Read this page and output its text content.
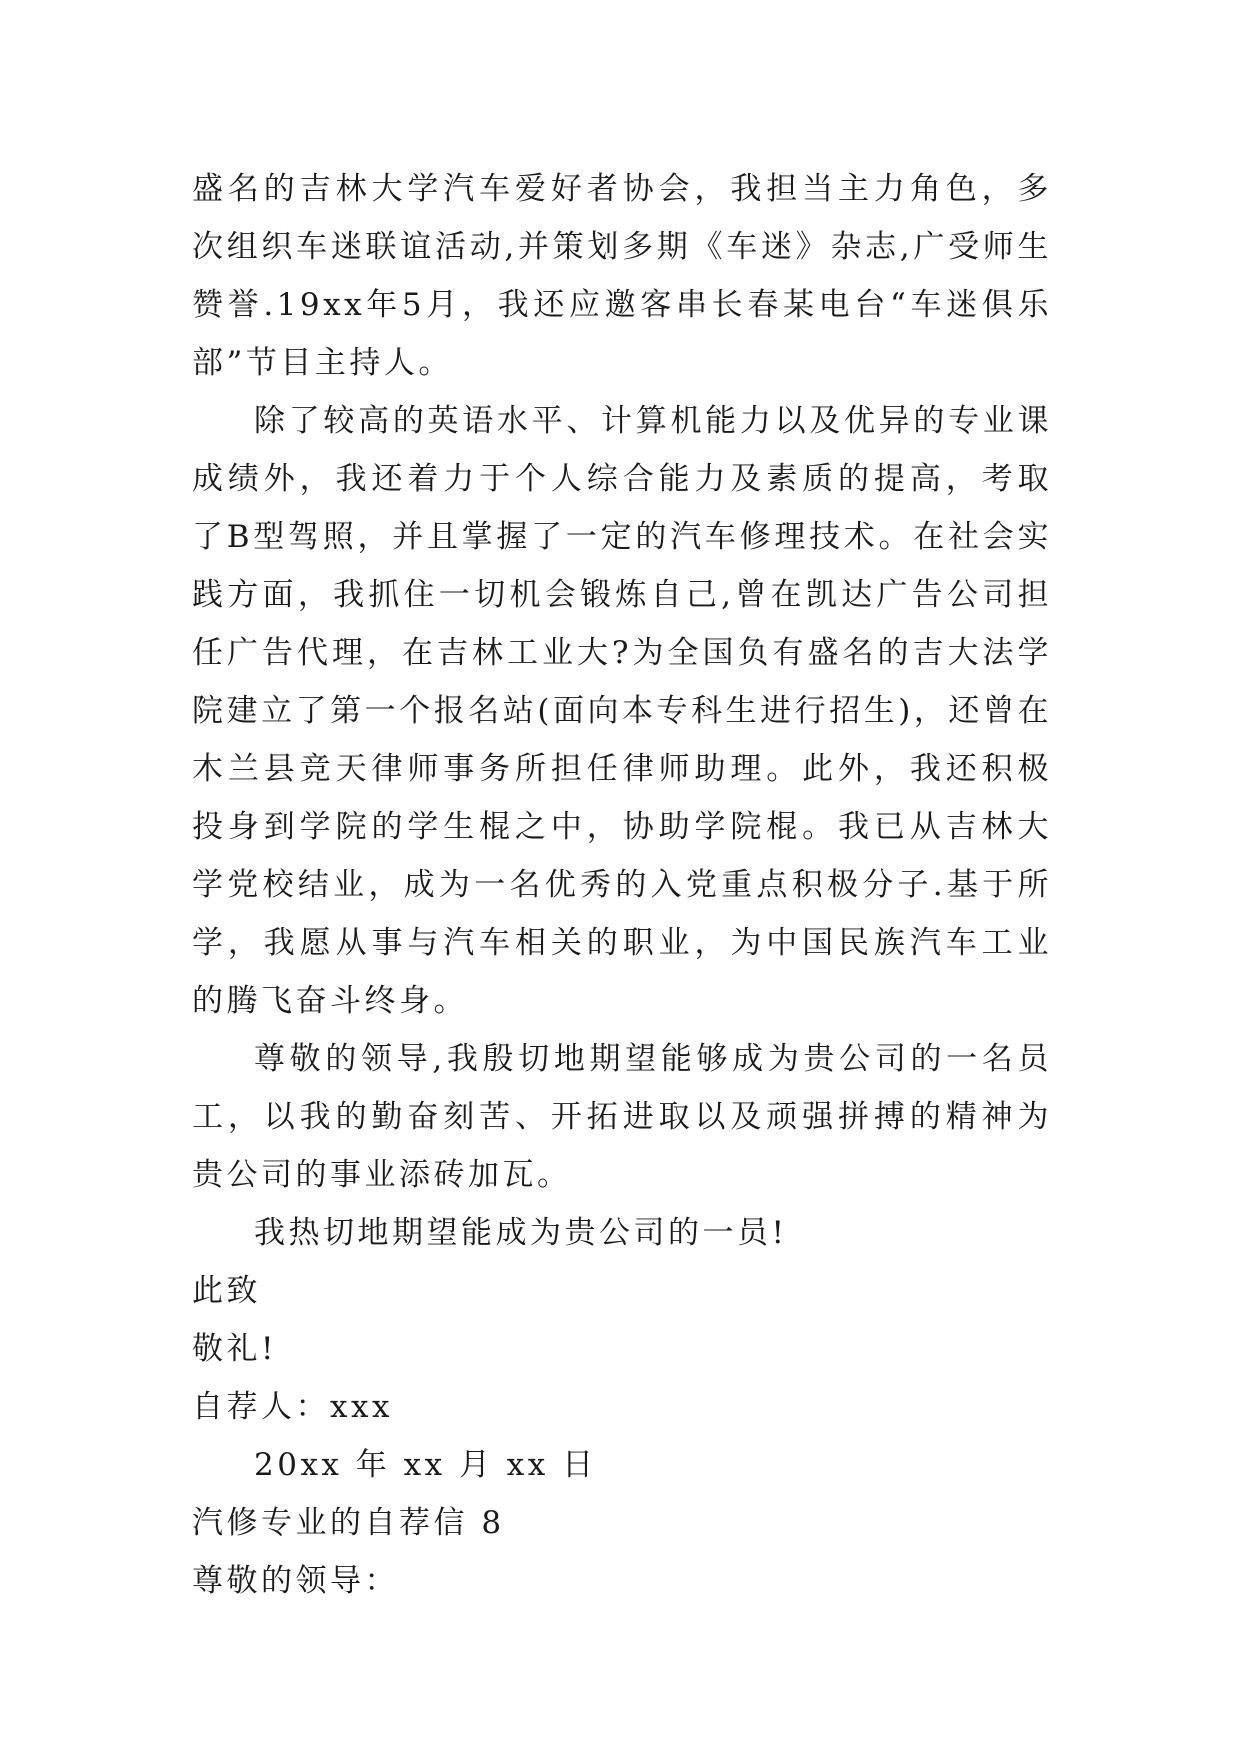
盛名的吉林大学汽车爱好者协会，我担当主力角色，多次组织车迷联谊活动,并策划多期《车迷》杂志,广受师生赞誉.19xx年5月，我还应邀客串长春某电台“车迷俱乐部”节目主持人。

除了较高的英语水平、计算机能力以及优异的专业课成绩外，我还着力于个人综合能力及素质的提高，考取了B型驾照，并且掌握了一定的汽车修理技术。在社会实践方面，我抓住一切机会锻炼自己,曾在凯达广告公司担任广告代理，在吉林工业大?为全国负有盛名的吉大法学院建立了第一个报名站(面向本专科生进行招生)，还曾在木兰县竞天律师事务所担任律师助理。此外，我还积极投身到学院的学生棍之中，协助学院棍。我已从吉林大学党校结业，成为一名优秀的入党重点积极分子.基于所学，我愿从事与汽车相关的职业，为中国民族汽车工业的腾飞奋斗终身。

尊敬的领导,我殷切地期望能够成为贵公司的一名员工，以我的勤奋刻苦、开拓进取以及顽强拼搏的精神为贵公司的事业添砖加瓦。

我热切地期望能成为贵公司的一员!

此致

敬礼!

自荐人：xxx

20xx 年 xx 月 xx 日

汽修专业的自荐信 8

尊敬的领导：
